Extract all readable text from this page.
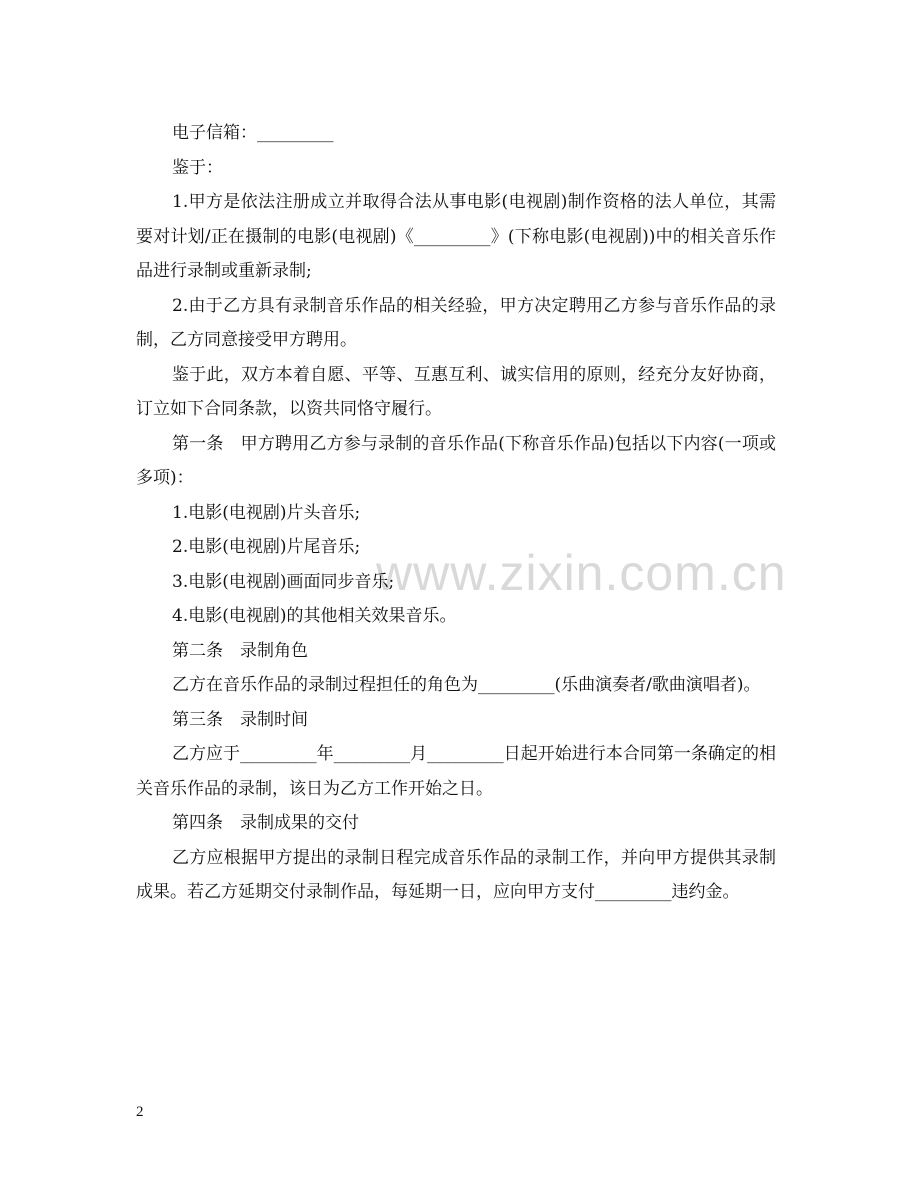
www.zixin.com.cn

电子信箱：_________

鉴于：

1.甲方是依法注册成立并取得合法从事电影(电视剧)制作资格的法人单位，其需要对计划/正在摄制的电影(电视剧)《_________》(下称电影(电视剧))中的相关音乐作品进行录制或重新录制;

2.由于乙方具有录制音乐作品的相关经验，甲方决定聘用乙方参与音乐作品的录制，乙方同意接受甲方聘用。

鉴于此，双方本着自愿、平等、互惠互利、诚实信用的原则，经充分友好协商，订立如下合同条款，以资共同恪守履行。

第一条　甲方聘用乙方参与录制的音乐作品(下称音乐作品)包括以下内容(一项或多项)：

1.电影(电视剧)片头音乐;

2.电影(电视剧)片尾音乐;

3.电影(电视剧)画面同步音乐;

4.电影(电视剧)的其他相关效果音乐。

第二条　录制角色

乙方在音乐作品的录制过程担任的角色为_________(乐曲演奏者/歌曲演唱者)。

第三条　录制时间

乙方应于_________年_________月_________日起开始进行本合同第一条确定的相关音乐作品的录制，该日为乙方工作开始之日。

第四条　录制成果的交付

乙方应根据甲方提出的录制日程完成音乐作品的录制工作，并向甲方提供其录制成果。若乙方延期交付录制作品，每延期一日，应向甲方支付_________违约金。

2
